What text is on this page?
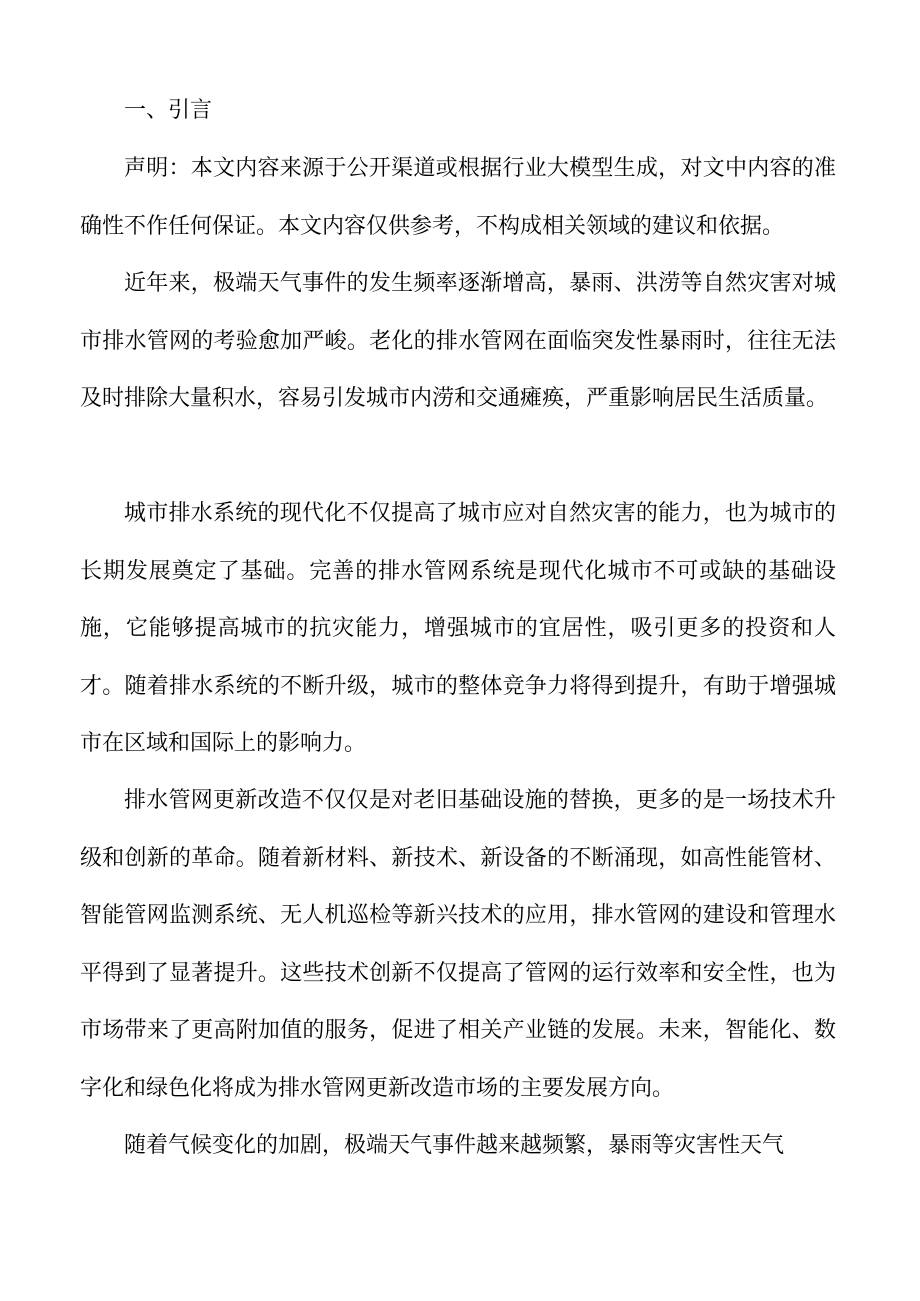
一、引言

声明：本文内容来源于公开渠道或根据行业大模型生成，对文中内容的准确性不作任何保证。本文内容仅供参考，不构成相关领域的建议和依据。

近年来，极端天气事件的发生频率逐渐增高，暴雨、洪涝等自然灾害对城市排水管网的考验愈加严峻。老化的排水管网在面临突发性暴雨时，往往无法及时排除大量积水，容易引发城市内涝和交通瘫痪，严重影响居民生活质量。

城市排水系统的现代化不仅提高了城市应对自然灾害的能力，也为城市的长期发展奠定了基础。完善的排水管网系统是现代化城市不可或缺的基础设施，它能够提高城市的抗灾能力，增强城市的宜居性，吸引更多的投资和人才。随着排水系统的不断升级，城市的整体竞争力将得到提升，有助于增强城市在区域和国际上的影响力。

排水管网更新改造不仅仅是对老旧基础设施的替换，更多的是一场技术升级和创新的革命。随着新材料、新技术、新设备的不断涌现，如高性能管材、智能管网监测系统、无人机巡检等新兴技术的应用，排水管网的建设和管理水平得到了显著提升。这些技术创新不仅提高了管网的运行效率和安全性，也为市场带来了更高附加值的服务，促进了相关产业链的发展。未来，智能化、数字化和绿色化将成为排水管网更新改造市场的主要发展方向。

随着气候变化的加剧，极端天气事件越来越频繁，暴雨等灾害性天气
